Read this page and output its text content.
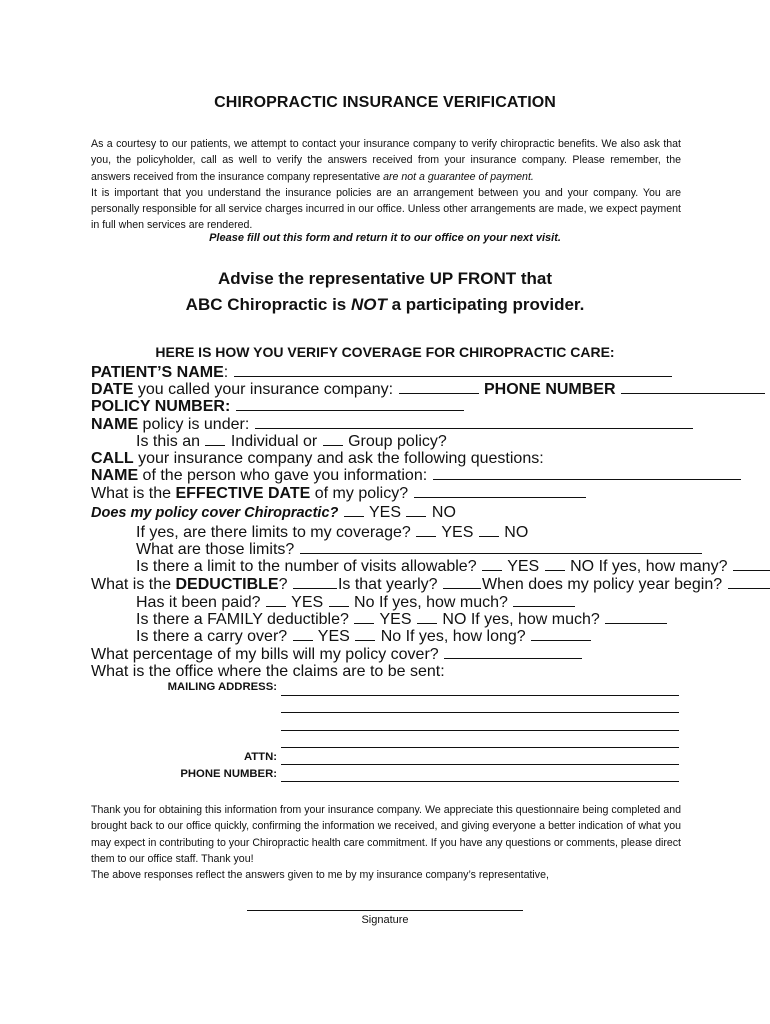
CHIROPRACTIC INSURANCE VERIFICATION

As a courtesy to our patients, we attempt to contact your insurance company to verify chiropractic benefits. We also ask that you, the policyholder, call as well to verify the answers received from your insurance company. Please remember, the answers received from the insurance company representative are not a guarantee of payment.

It is important that you understand the insurance policies are an arrangement between you and your company. You are personally responsible for all service charges incurred in our office. Unless other arrangements are made, we expect payment in full when services are rendered.

Please fill out this form and return it to our office on your next visit.
Advise the representative UP FRONT that
ABC Chiropractic is NOT a participating provider.
HERE IS HOW YOU VERIFY COVERAGE FOR CHIROPRACTIC CARE:
PATIENT’S NAME:
DATE you called your insurance company:	PHONE NUMBER
POLICY NUMBER:
NAME policy is under:
Is this an  Individual or  Group policy?
CALL your insurance company and ask the following questions:
NAME of the person who gave you information:
What is the EFFECTIVE DATE of my policy?
Does my policy cover Chiropractic?  YES  NO
If yes, are there limits to my coverage?  YES  NO
What are those limits?
Is there a limit to the number of visits allowable?  YES  NO If yes, how many?
What is the DEDUCTIBLE?	Is that yearly?	When does my policy year begin?
Has it been paid?  YES  No If yes, how much?
Is there a FAMILY deductible?  YES  NO If yes, how much?
Is there a carry over?  YES  No If yes, how long?
What percentage of my bills will my policy cover?
What is the office where the claims are to be sent:
MAILING ADDRESS:
ATTN:
PHONE NUMBER:

Thank you for obtaining this information from your insurance company. We appreciate this questionnaire being completed and brought back to our office quickly, confirming the information we received, and giving everyone a better indication of what you may expect in contributing to your Chiropractic health care commitment. If you have any questions or comments, please direct them to our office staff. Thank you!

The above responses reflect the answers given to me by my insurance company’s representative,

Signature
